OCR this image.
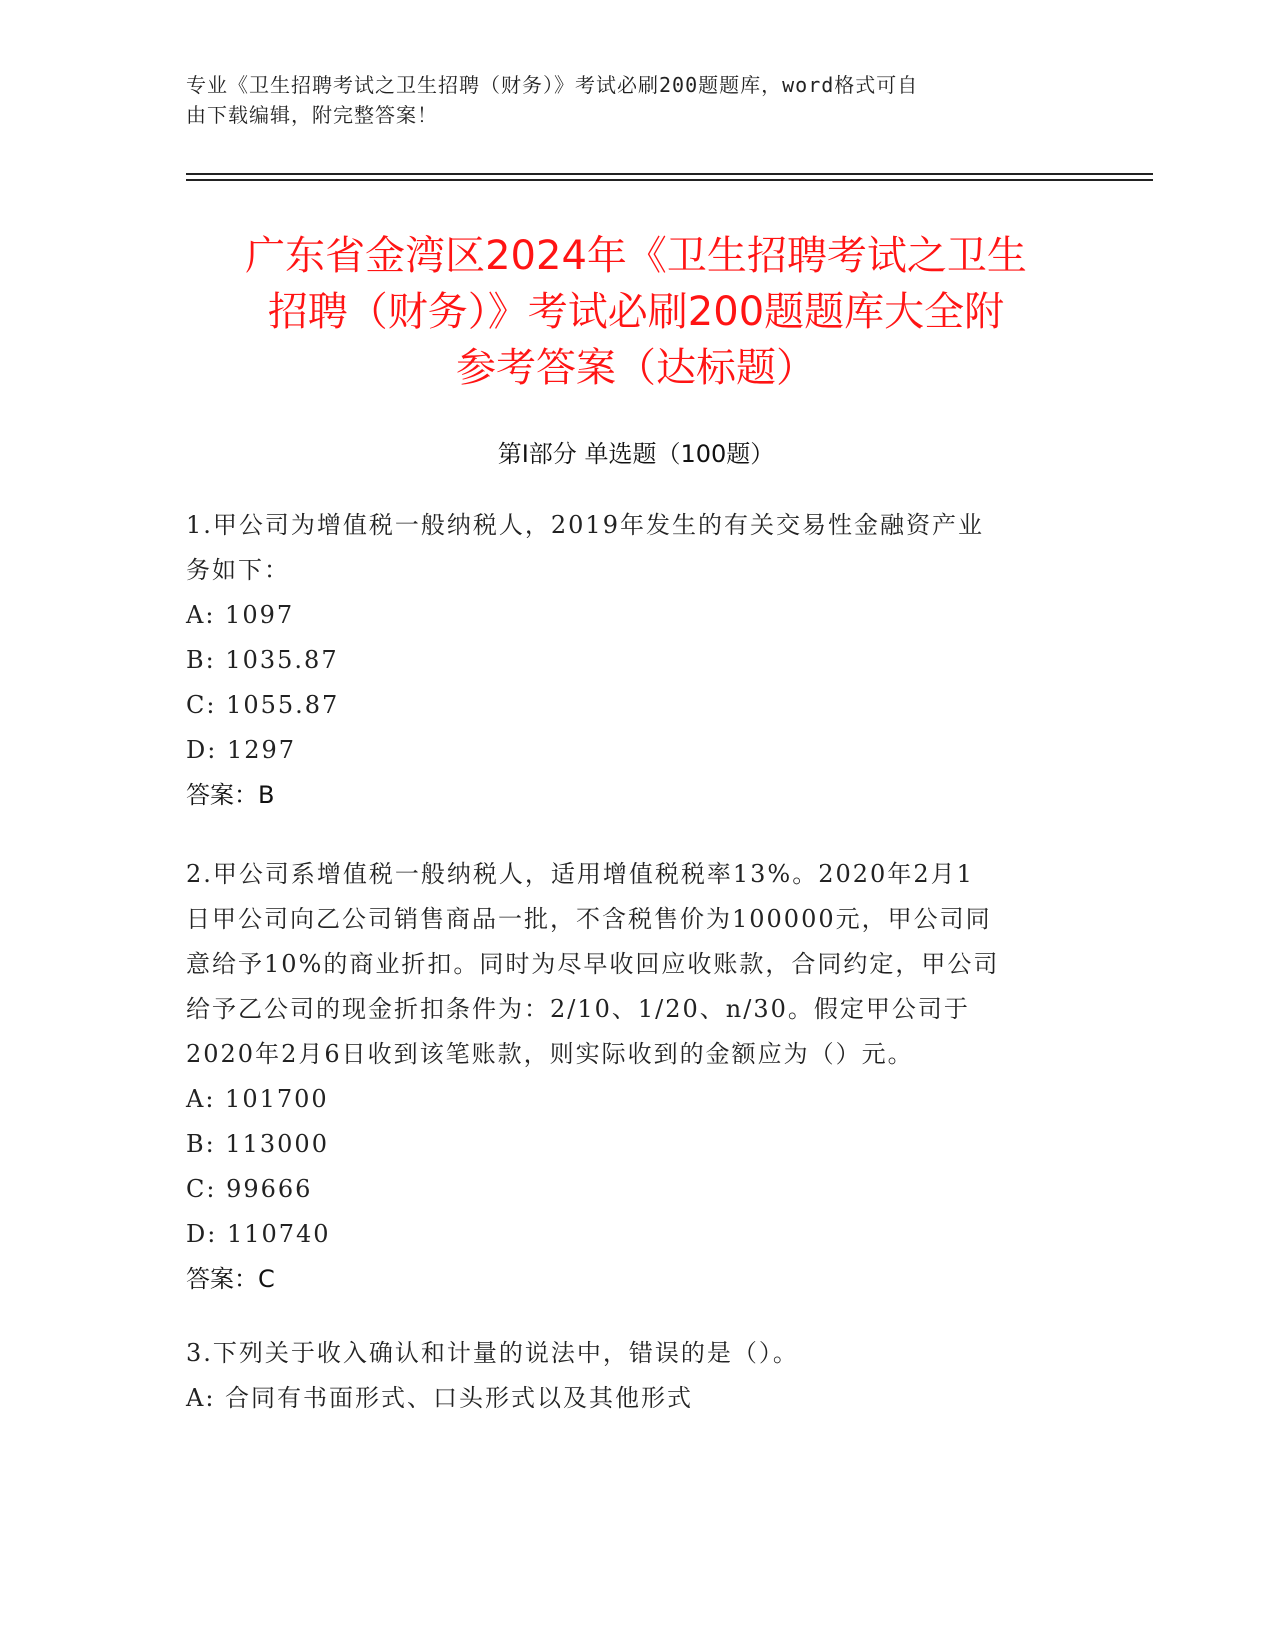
专业《卫生招聘考试之卫生招聘（财务）》考试必刷200题题库，word格式可自
由下载编辑，附完整答案！
广东省金湾区2024年《卫生招聘考试之卫生
招聘（财务）》考试必刷200题题库大全附
参考答案（达标题）
第Ⅰ部分 单选题（100题）

1.甲公司为增值税一般纳税人，2019年发生的有关交易性金融资产业

务如下：

A: 1097

B: 1035.87

C: 1055.87

D: 1297

答案：B

2.甲公司系增值税一般纳税人，适用增值税税率13%。2020年2月1

日甲公司向乙公司销售商品一批，不含税售价为100000元，甲公司同

意给予10%的商业折扣。同时为尽早收回应收账款，合同约定，甲公司

给予乙公司的现金折扣条件为：2/10、1/20、n/30。假定甲公司于

2020年2月6日收到该笔账款，则实际收到的金额应为（）元。

A: 101700

B: 113000

C: 99666

D: 110740

答案：C

3.下列关于收入确认和计量的说法中，错误的是（）。

A: 合同有书面形式、口头形式以及其他形式
